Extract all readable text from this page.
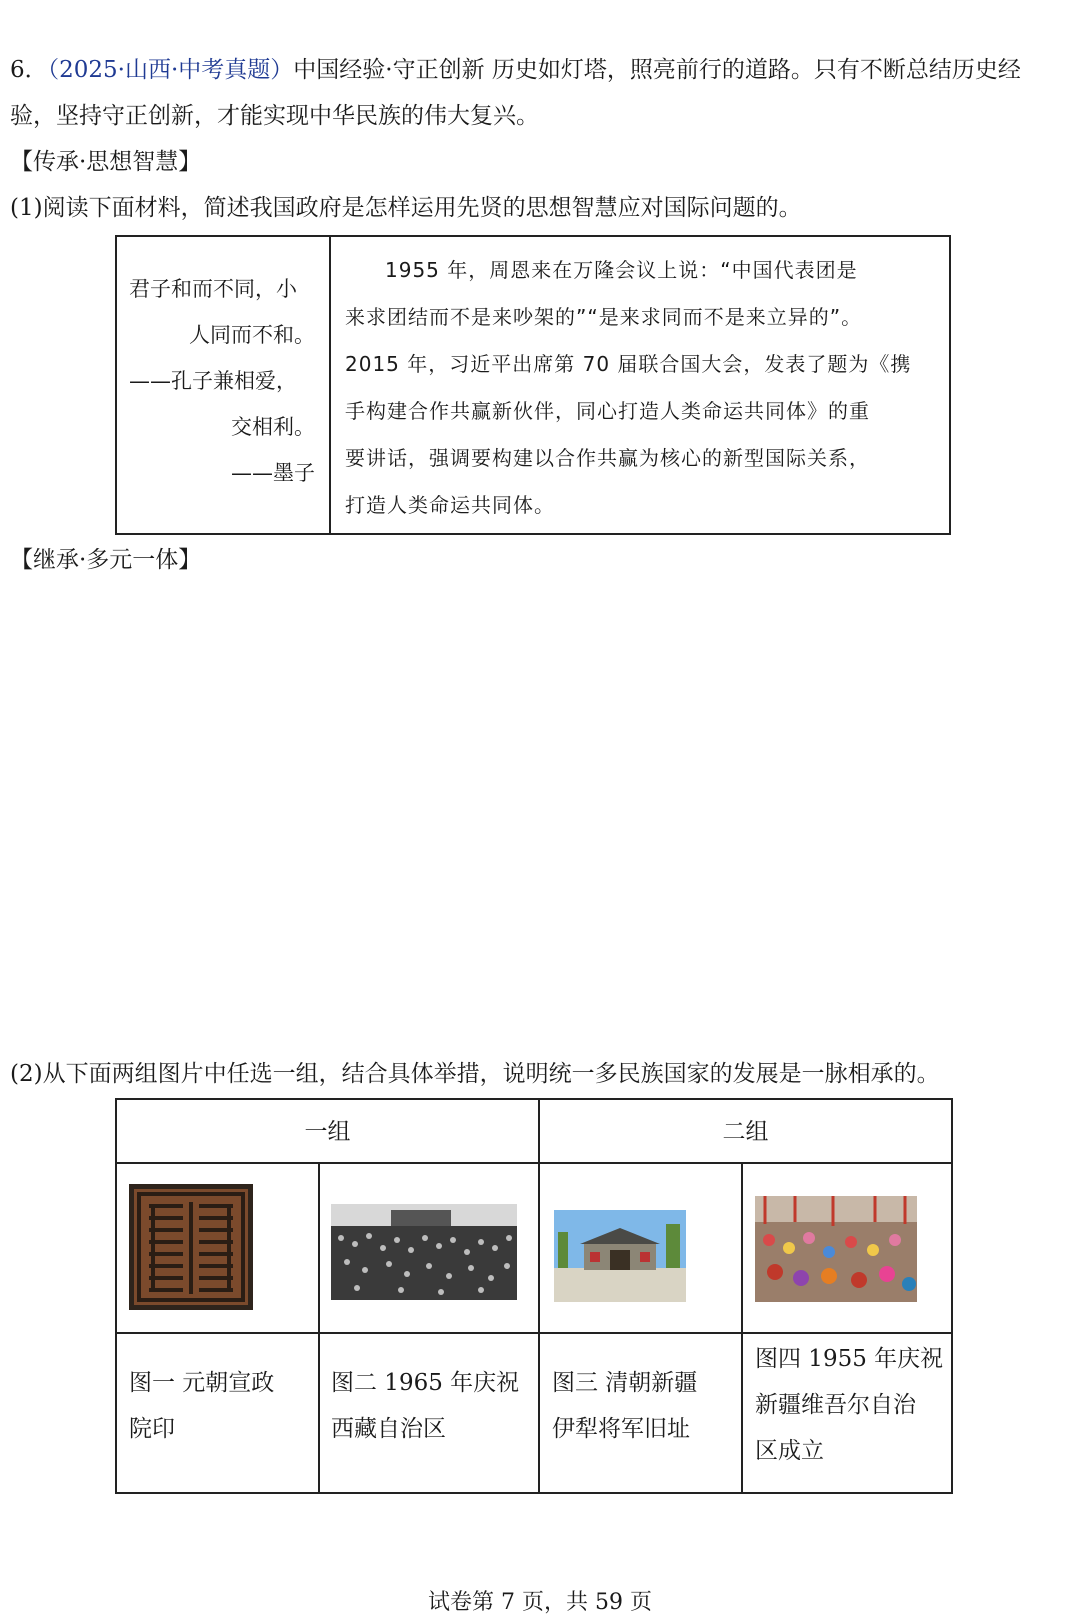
6．（2025·山西·中考真题）中国经验·守正创新 历史如灯塔，照亮前行的道路。只有不断总结历史经
验，坚持守正创新，才能实现中华民族的伟大复兴。
【传承·思想智慧】
(1)阅读下面材料，简述我国政府是怎样运用先贤的思想智慧应对国际问题的。
君子和而不同，小
人同而不和。
——孔子兼相爱，
交相利。
——墨子

1955 年，周恩来在万隆会议上说：“中国代表团是

来求团结而不是来吵架的”“是来求同而不是来立异的”。

2015 年，习近平出席第 70 届联合国大会，发表了题为《携

手构建合作共赢新伙伴，同心打造人类命运共同体》的重

要讲话，强调要构建以合作共赢为核心的新型国际关系，

打造人类命运共同体。

【继承·多元一体】
(2)从下面两组图片中任选一组，结合具体举措，说明统一多民族国家的发展是一脉相承的。
一组	二组
图一 元朝宣政
院印
图二 1965 年庆祝
西藏自治区
图三 清朝新疆
伊犁将军旧址
图四 1955 年庆祝
新疆维吾尔自治
区成立
试卷第 7 页，共 59 页
